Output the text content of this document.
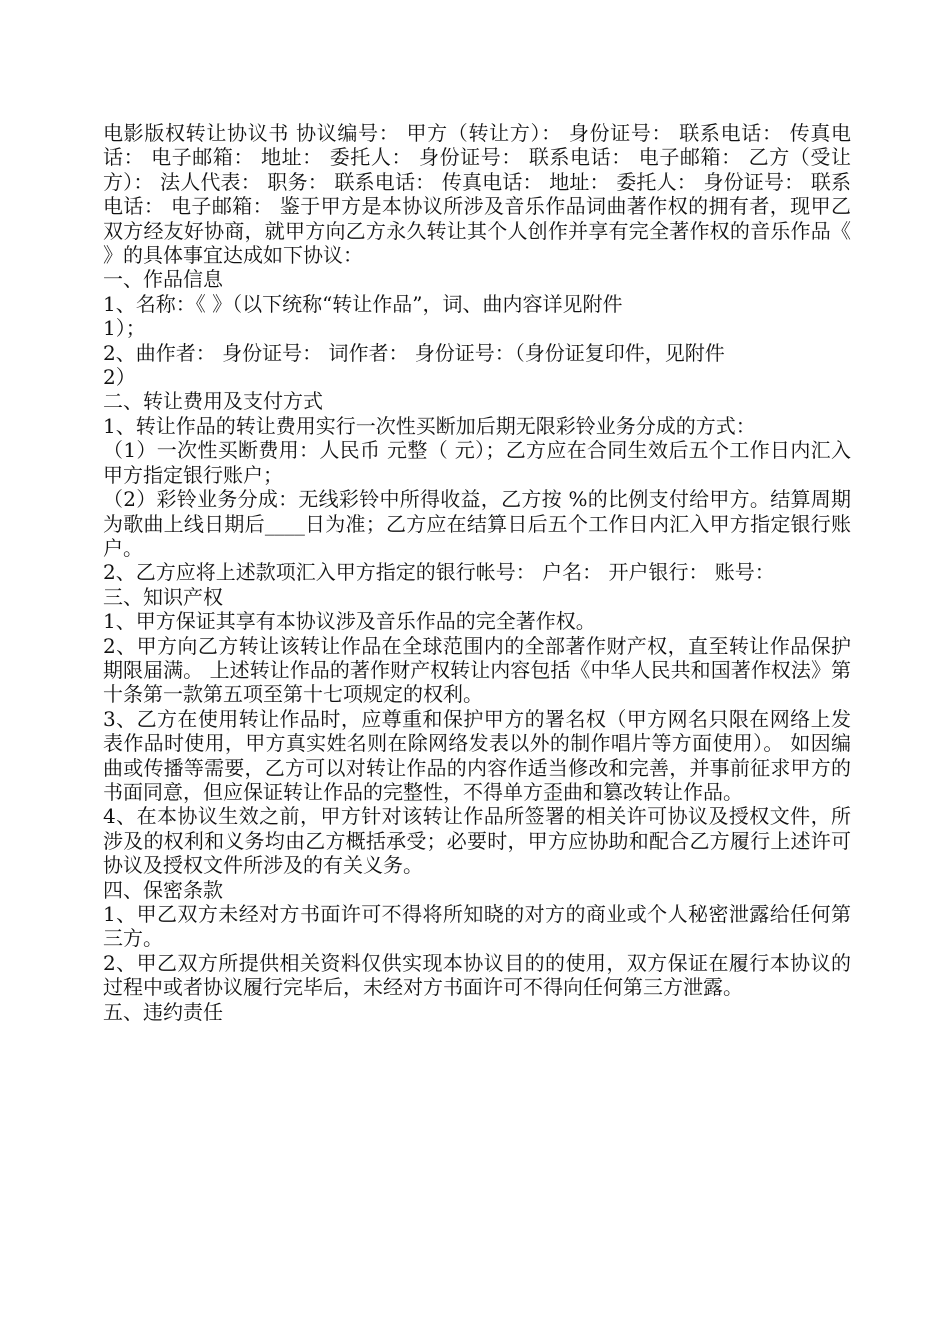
电影版权转让协议书 协议编号： 甲方（转让方）： 身份证号： 联系电话： 传真电话： 电子邮箱： 地址： 委托人： 身份证号： 联系电话： 电子邮箱： 乙方（受让方）： 法人代表： 职务： 联系电话： 传真电话： 地址： 委托人： 身份证号： 联系电话： 电子邮箱： 鉴于甲方是本协议所涉及音乐作品词曲著作权的拥有者，现甲乙双方经友好协商，就甲方向乙方永久转让其个人创作并享有完全著作权的音乐作品《 》的具体事宜达成如下协议：

一、作品信息

1、名称：《 》（以下统称“转让作品”，词、曲内容详见附件
1）；

2、曲作者： 身份证号： 词作者： 身份证号：（身份证复印件，见附件
2）

二、转让费用及支付方式

1、转让作品的转让费用实行一次性买断加后期无限彩铃业务分成的方式：

（1）一次性买断费用：人民币 元整（ 元）；乙方应在合同生效后五个工作日内汇入甲方指定银行账户；

（2）彩铃业务分成：无线彩铃中所得收益，乙方按 %的比例支付给甲方。结算周期为歌曲上线日期后____日为准；乙方应在结算日后五个工作日内汇入甲方指定银行账户。

2、乙方应将上述款项汇入甲方指定的银行帐号： 户名： 开户银行： 账号：

三、知识产权

1、甲方保证其享有本协议涉及音乐作品的完全著作权。

2、甲方向乙方转让该转让作品在全球范围内的全部著作财产权，直至转让作品保护期限届满。 上述转让作品的著作财产权转让内容包括《中华人民共和国著作权法》第十条第一款第五项至第十七项规定的权利。

3、乙方在使用转让作品时，应尊重和保护甲方的署名权（甲方网名只限在网络上发表作品时使用，甲方真实姓名则在除网络发表以外的制作唱片等方面使用）。 如因编曲或传播等需要，乙方可以对转让作品的内容作适当修改和完善，并事前征求甲方的书面同意，但应保证转让作品的完整性，不得单方歪曲和篡改转让作品。

4、在本协议生效之前，甲方针对该转让作品所签署的相关许可协议及授权文件，所涉及的权利和义务均由乙方概括承受；必要时，甲方应协助和配合乙方履行上述许可协议及授权文件所涉及的有关义务。

四、保密条款

1、甲乙双方未经对方书面许可不得将所知晓的对方的商业或个人秘密泄露给任何第三方。

2、甲乙双方所提供相关资料仅供实现本协议目的的使用，双方保证在履行本协议的过程中或者协议履行完毕后，未经对方书面许可不得向任何第三方泄露。

五、违约责任
